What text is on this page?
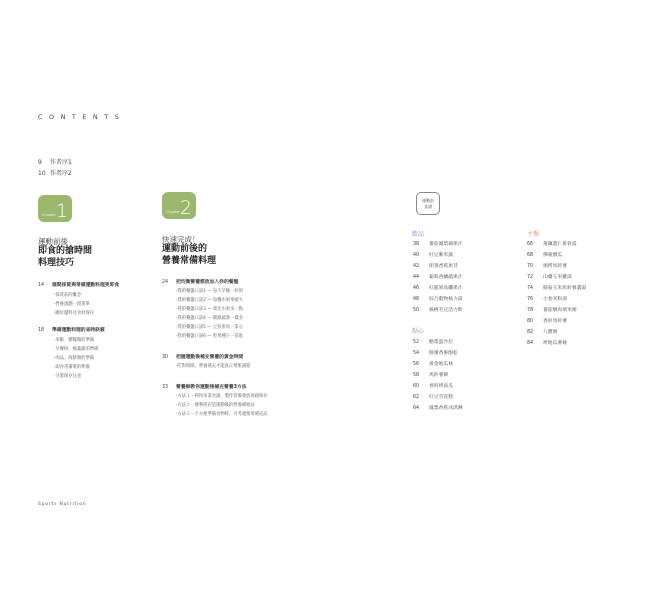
C O N T E N T S
9 作者序1
10 作者序2
Chapter 1
運動前後
即食的搶時間
料理技巧
14 週間採買與常備運動料理更即食
‧採買前的概念
‧營養規劃一週菜單
‧關於儲料及食材保存
18 準備運動料理的省時訣竅
‧米飯、雜糧類的準備
‧早餐粉、綠葉蔬的準備
‧肉品、海鮮類的準備
‧即食常備菜的準備
‧分裝保存注意
Chapter 2
快速完成！
運動前後的
營養常備料理
24 把均衡營養都放加入你的餐盤
‧我的餐盤口訣1 — 每天早晚一杯奶
‧我的餐盤口訣2 — 每餐水果拳頭大
‧我的餐盤口訣3 — 菜比水果多一點
‧我的餐盤口訣4 — 飯跟蔬菜一樣多
‧我的餐盤口訣5 — 豆魚蛋肉一掌心
‧我的餐盤口訣6 — 堅果種子一茶匙
30 把握運動後補充營養的黃金時間
‧吃對時間，營養補充才能真正增肌減脂
33 營養師教你運動後補充營養3方法
‧方法１－利用本書食譜，製作常備菜放冰箱保存
‧方法２－便利商店是運動後的營養補給站
‧方法３－不方便準備食物時，可考慮使用補充品
運動前
食譜
飲品
38 番茄鳳梨蘋果汁
40 紅豆紫米露
42 即蒸香蕉果昔
44 葡萄西蘭蔬果汁
46 紅龍果高纖果汁
48 綜合穀物核力湯
50 核桃毛豆活力飲
點心
52 酪梨蛋沙拉
54 鮮蜜香麥酚乾
56 黃金地瓜條
58 馬鈴薯餅
60 香料烤南瓜
62 紅豆雪花糕
64 鳳梨香蕉冰淇淋
主餐
66 蓮藕薏仁排骨湯
68 佛蒙燉瓜
70 焗烤馬鈴薯
72 山藥玉米雞湯
74 鮮菇玉米馬鈴薯濃湯
76 小卷米粉湯
78 番茄燉肉栗米粥
80 香煎馬鈴薯
82 八寶粥
84 烤地瓜薯條
Sports Nutrition
